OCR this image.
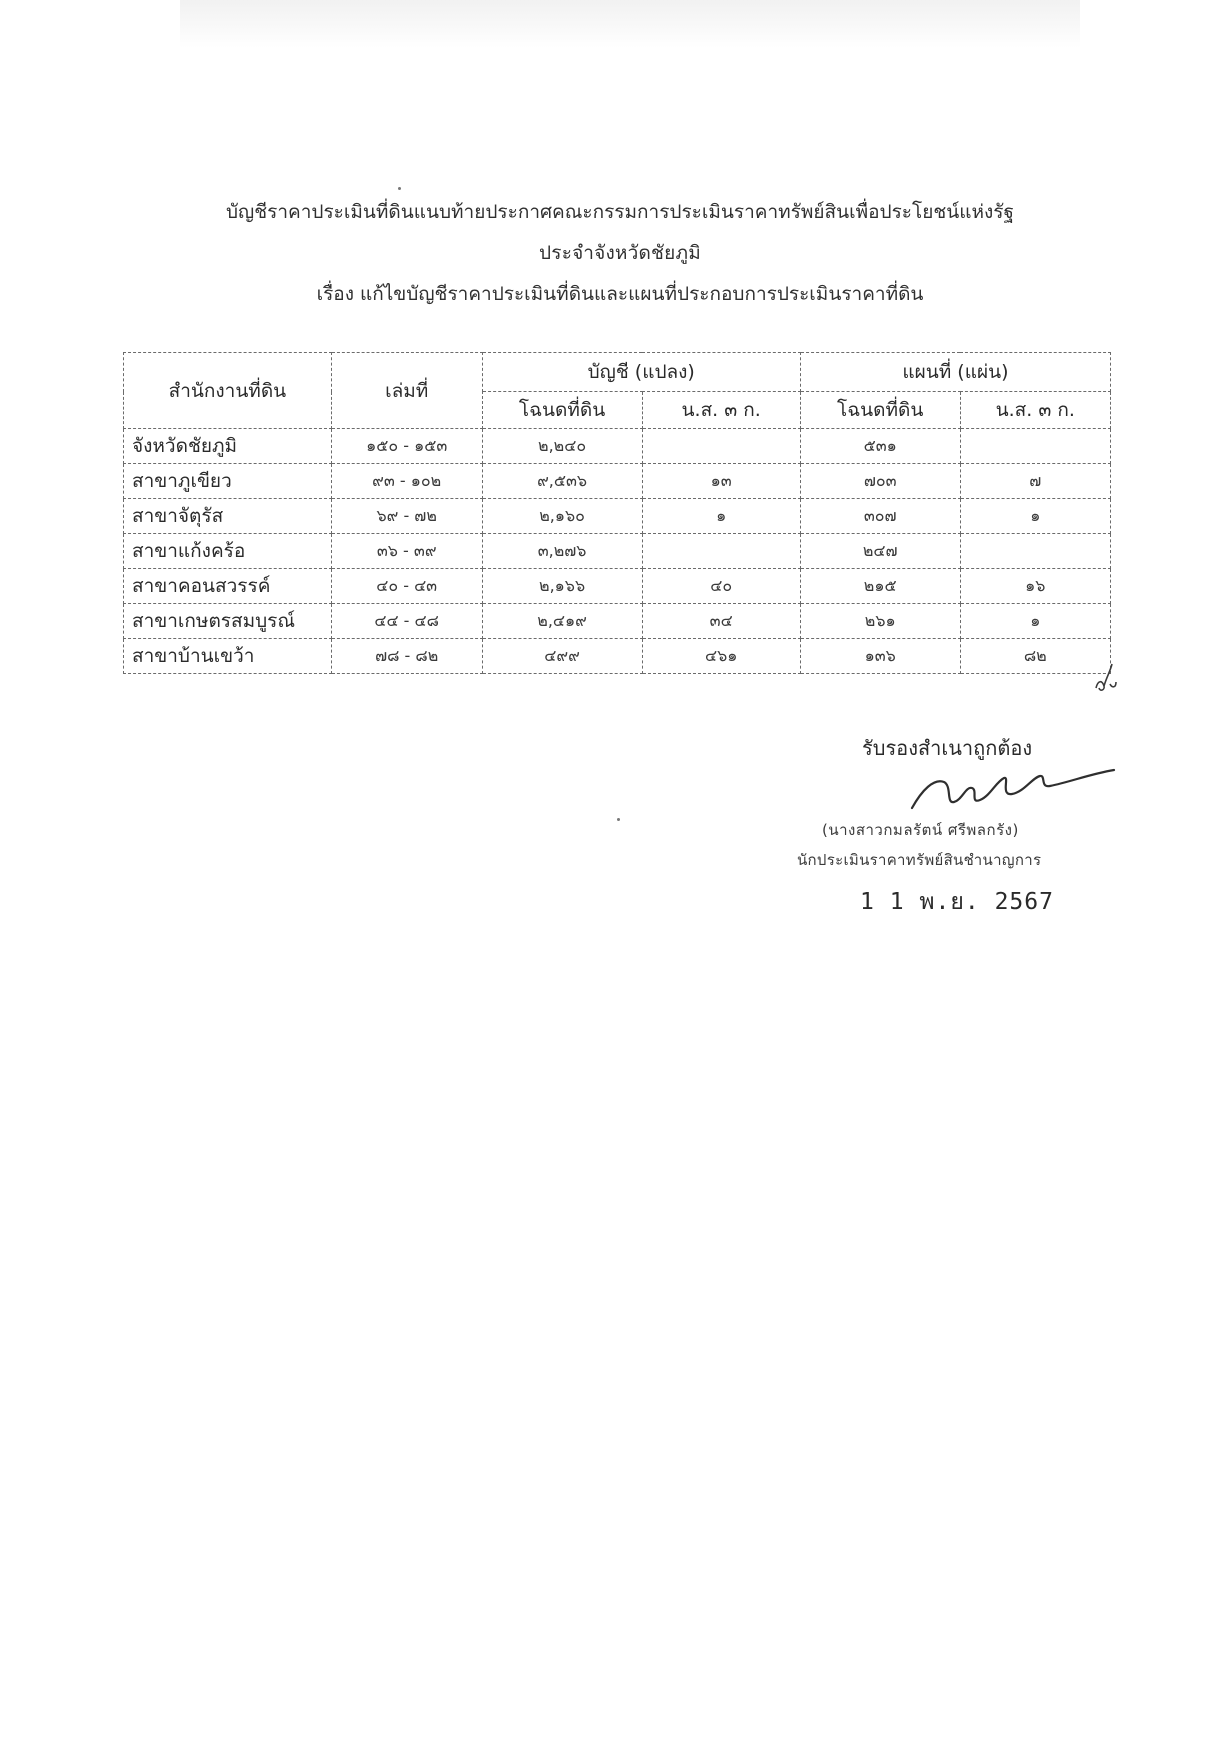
บัญชีราคาประเมินที่ดินแนบท้ายประกาศคณะกรรมการประเมินราคาทรัพย์สินเพื่อประโยชน์แห่งรัฐ
ประจำจังหวัดชัยภูมิ
เรื่อง แก้ไขบัญชีราคาประเมินที่ดินและแผนที่ประกอบการประเมินราคาที่ดิน
สำนักงานที่ดิน	เล่มที่	บัญชี (แปลง)		แผนที่ (แผ่น)	
		โฉนดที่ดิน	น.ส. ๓ ก.	โฉนดที่ดิน	น.ส. ๓ ก.
จังหวัดชัยภูมิ	๑๕๐ - ๑๕๓	๒,๒๔๐		๕๓๑	
สาขาภูเขียว	๙๓ - ๑๐๒	๙,๕๓๖	๑๓	๗๐๓	๗
สาขาจัตุรัส	๖๙ - ๗๒	๒,๑๖๐	๑	๓๐๗	๑
สาขาแก้งคร้อ	๓๖ - ๓๙	๓,๒๗๖		๒๔๗	
สาขาคอนสวรรค์	๔๐ - ๔๓	๒,๑๖๖	๔๐	๒๑๕	๑๖
สาขาเกษตรสมบูรณ์	๔๔ - ๔๘	๒,๔๑๙	๓๔	๒๖๑	๑
สาขาบ้านเขว้า	๗๘ - ๘๒	๔๙๙	๔๖๑	๑๓๖	๘๒
รับรองสำเนาถูกต้อง
(นางสาวกมลรัตน์ ศรีพลกรัง)
นักประเมินราคาทรัพย์สินชำนาญการ
1 1 พ.ย. 2567
